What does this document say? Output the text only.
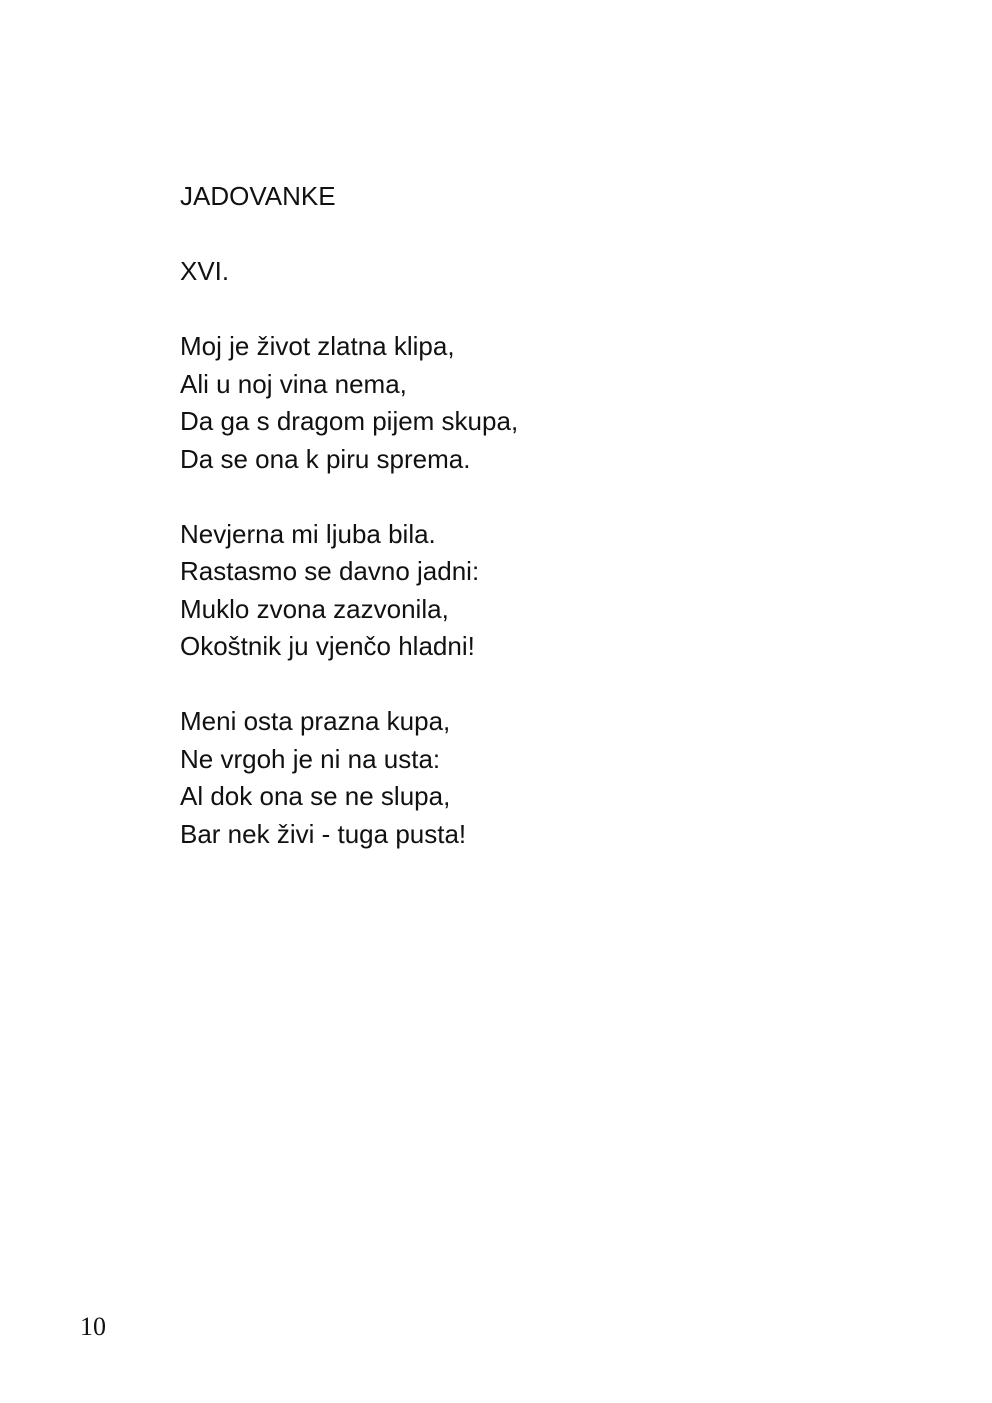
JADOVANKE
XVI.
Moj je život zlatna klipa,
Ali u noj vina nema,
Da ga s dragom pijem skupa,
Da se ona k piru sprema.
Nevjerna mi ljuba bila.
Rastasmo se davno jadni:
Muklo zvona zazvonila,
Okoštnik ju vjenčo hladni!
Meni osta prazna kupa,
Ne vrgoh je ni na usta:
Al dok ona se ne slupa,
Bar nek živi - tuga pusta!
10
